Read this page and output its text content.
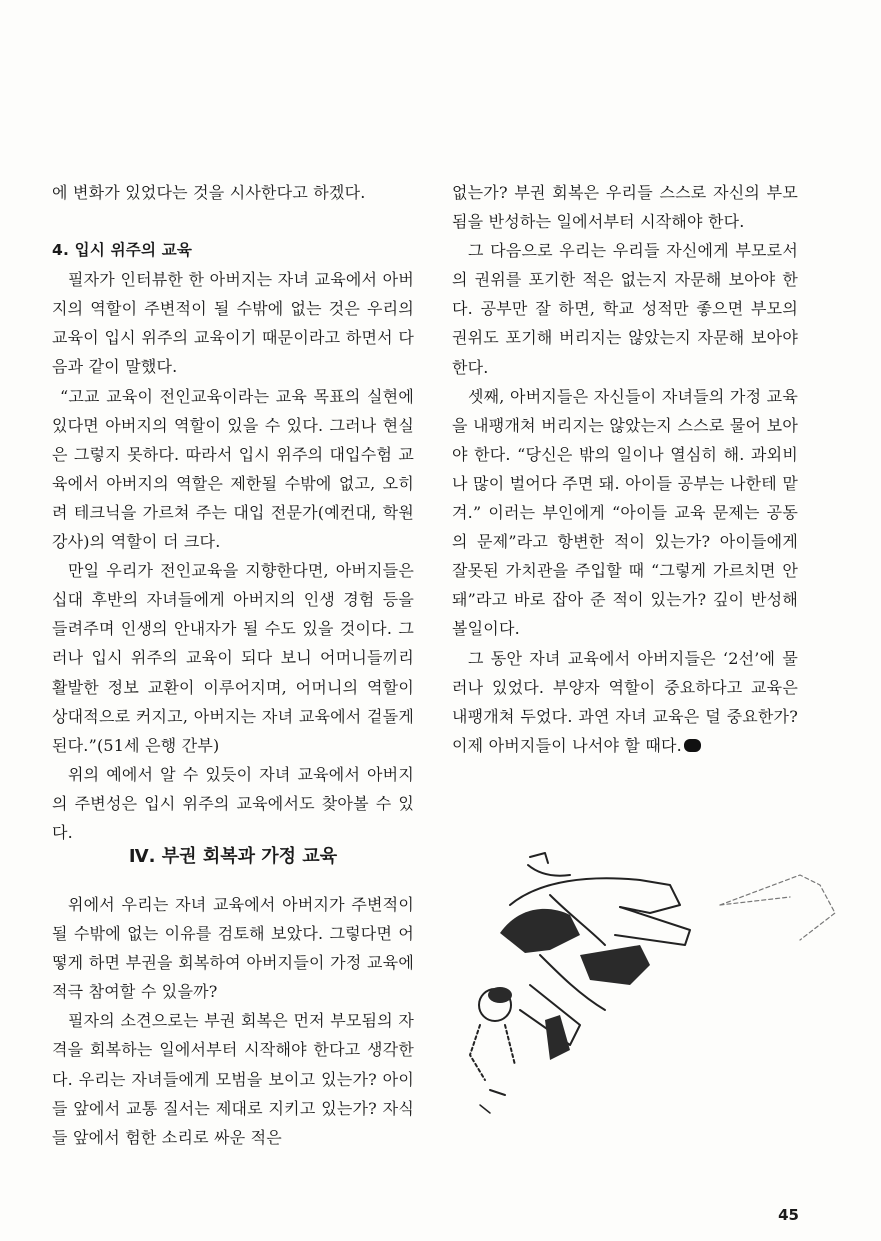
에 변화가 있었다는 것을 시사한다고 하겠다.

4. 입시 위주의 교육

필자가 인터뷰한 한 아버지는 자녀 교육에서 아버지의 역할이 주변적이 될 수밖에 없는 것은 우리의 교육이 입시 위주의 교육이기 때문이라고 하면서 다음과 같이 말했다.

“고교 교육이 전인교육이라는 교육 목표의 실현에 있다면 아버지의 역할이 있을 수 있다. 그러나 현실은 그렇지 못하다. 따라서 입시 위주의 대입수험 교육에서 아버지의 역할은 제한될 수밖에 없고, 오히려 테크닉을 가르쳐 주는 대입 전문가(예컨대, 학원 강사)의 역할이 더 크다.

만일 우리가 전인교육을 지향한다면, 아버지들은 십대 후반의 자녀들에게 아버지의 인생 경험 등을 들려주며 인생의 안내자가 될 수도 있을 것이다. 그러나 입시 위주의 교육이 되다 보니 어머니들끼리 활발한 정보 교환이 이루어지며, 어머니의 역할이 상대적으로 커지고, 아버지는 자녀 교육에서 겉돌게 된다.”(51세 은행 간부)

위의 예에서 알 수 있듯이 자녀 교육에서 아버지의 주변성은 입시 위주의 교육에서도 찾아볼 수 있다.

Ⅳ. 부권 회복과 가정 교육

위에서 우리는 자녀 교육에서 아버지가 주변적이 될 수밖에 없는 이유를 검토해 보았다. 그렇다면 어떻게 하면 부권을 회복하여 아버지들이 가정 교육에 적극 참여할 수 있을까?

필자의 소견으로는 부권 회복은 먼저 부모됨의 자격을 회복하는 일에서부터 시작해야 한다고 생각한다. 우리는 자녀들에게 모범을 보이고 있는가? 아이들 앞에서 교통 질서는 제대로 지키고 있는가? 자식들 앞에서 험한 소리로 싸운 적은

없는가? 부권 회복은 우리들 스스로 자신의 부모됨을 반성하는 일에서부터 시작해야 한다.

그 다음으로 우리는 우리들 자신에게 부모로서의 권위를 포기한 적은 없는지 자문해 보아야 한다. 공부만 잘 하면, 학교 성적만 좋으면 부모의 권위도 포기해 버리지는 않았는지 자문해 보아야 한다.

셋째, 아버지들은 자신들이 자녀들의 가정 교육을 내팽개쳐 버리지는 않았는지 스스로 물어 보아야 한다. “당신은 밖의 일이나 열심히 해. 과외비나 많이 벌어다 주면 돼. 아이들 공부는 나한테 맡겨.” 이러는 부인에게 “아이들 교육 문제는 공동의 문제”라고 항변한 적이 있는가? 아이들에게 잘못된 가치관을 주입할 때 “그렇게 가르치면 안돼”라고 바로 잡아 준 적이 있는가? 깊이 반성해 볼일이다.

그 동안 자녀 교육에서 아버지들은 ‘2선’에 물러나 있었다. 부양자 역할이 중요하다고 교육은 내팽개쳐 두었다. 과연 자녀 교육은 덜 중요한가? 이제 아버지들이 나서야 할 때다.

45
